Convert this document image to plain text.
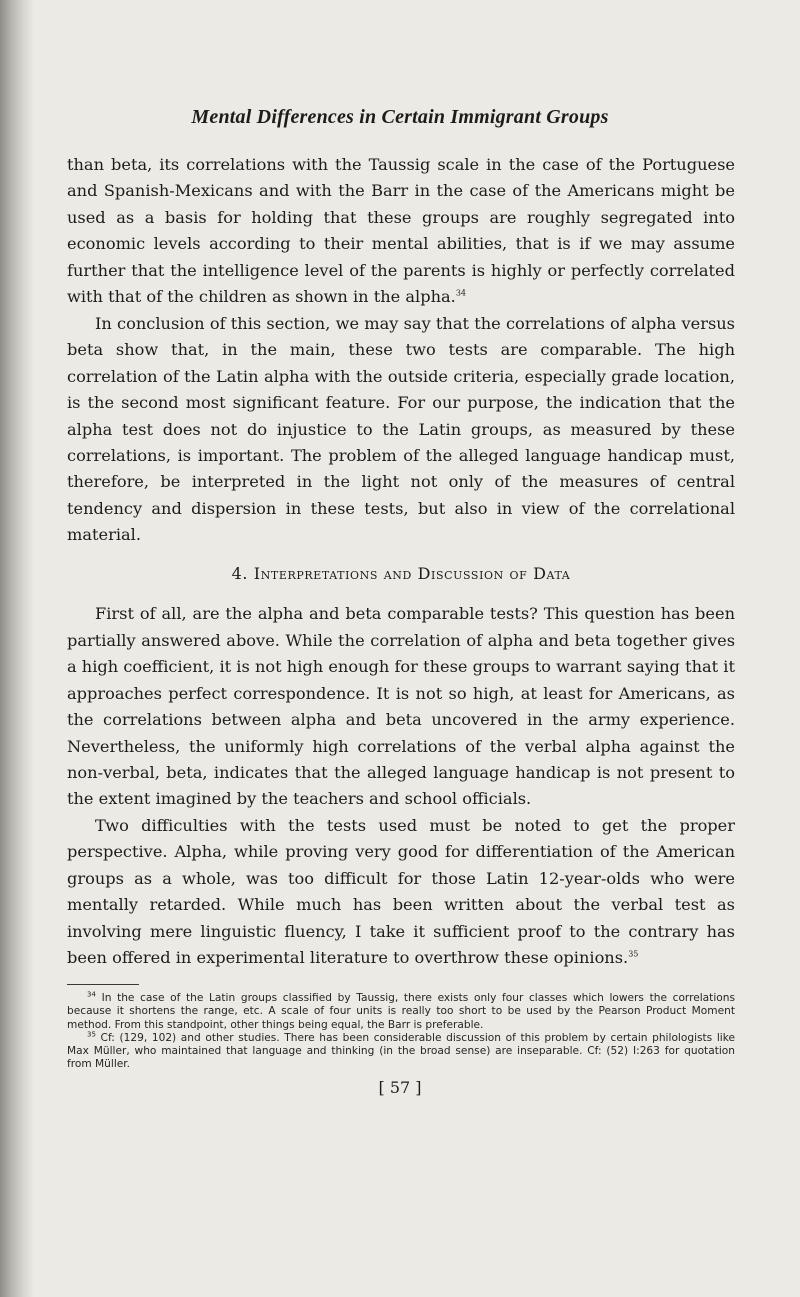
Mental Differences in Certain Immigrant Groups

than beta, its correlations with the Taussig scale in the case of the Portuguese and Spanish-Mexicans and with the Barr in the case of the Americans might be used as a basis for holding that these groups are roughly segregated into economic levels according to their mental abilities, that is if we may assume further that the intelligence level of the parents is highly or perfectly correlated with that of the children as shown in the alpha.$^{34}$

In conclusion of this section, we may say that the correlations of alpha versus beta show that, in the main, these two tests are comparable. The high correlation of the Latin alpha with the outside criteria, especially grade location, is the second most significant feature. For our purpose, the indication that the alpha test does not do injustice to the Latin groups, as measured by these correlations, is important. The problem of the alleged language handicap must, therefore, be interpreted in the light not only of the measures of central tendency and dispersion in these tests, but also in view of the correlational material.

4. Interpretations and Discussion of Data

First of all, are the alpha and beta comparable tests? This question has been partially answered above. While the correlation of alpha and beta together gives a high coefficient, it is not high enough for these groups to warrant saying that it approaches perfect correspondence. It is not so high, at least for Americans, as the correlations between alpha and beta uncovered in the army experience. Nevertheless, the uniformly high correlations of the verbal alpha against the non-verbal, beta, indicates that the alleged language handicap is not present to the extent imagined by the teachers and school officials.

Two difficulties with the tests used must be noted to get the proper perspective. Alpha, while proving very good for differentiation of the American groups as a whole, was too difficult for those Latin 12-year-olds who were mentally retarded. While much has been written about the verbal test as involving mere linguistic fluency, I take it sufficient proof to the contrary has been offered in experimental literature to overthrow these opinions.$^{35}$

$^{34}$ In the case of the Latin groups classified by Taussig, there exists only four classes which lowers the correlations because it shortens the range, etc. A scale of four units is really too short to be used by the Pearson Product Moment method. From this standpoint, other things being equal, the Barr is preferable.

$^{35}$ Cf: (129, 102) and other studies. There has been considerable discussion of this problem by certain philologists like Max Müller, who maintained that language and thinking (in the broad sense) are inseparable. Cf: (52) I:263 for quotation from Müller.

[ 57 ]
